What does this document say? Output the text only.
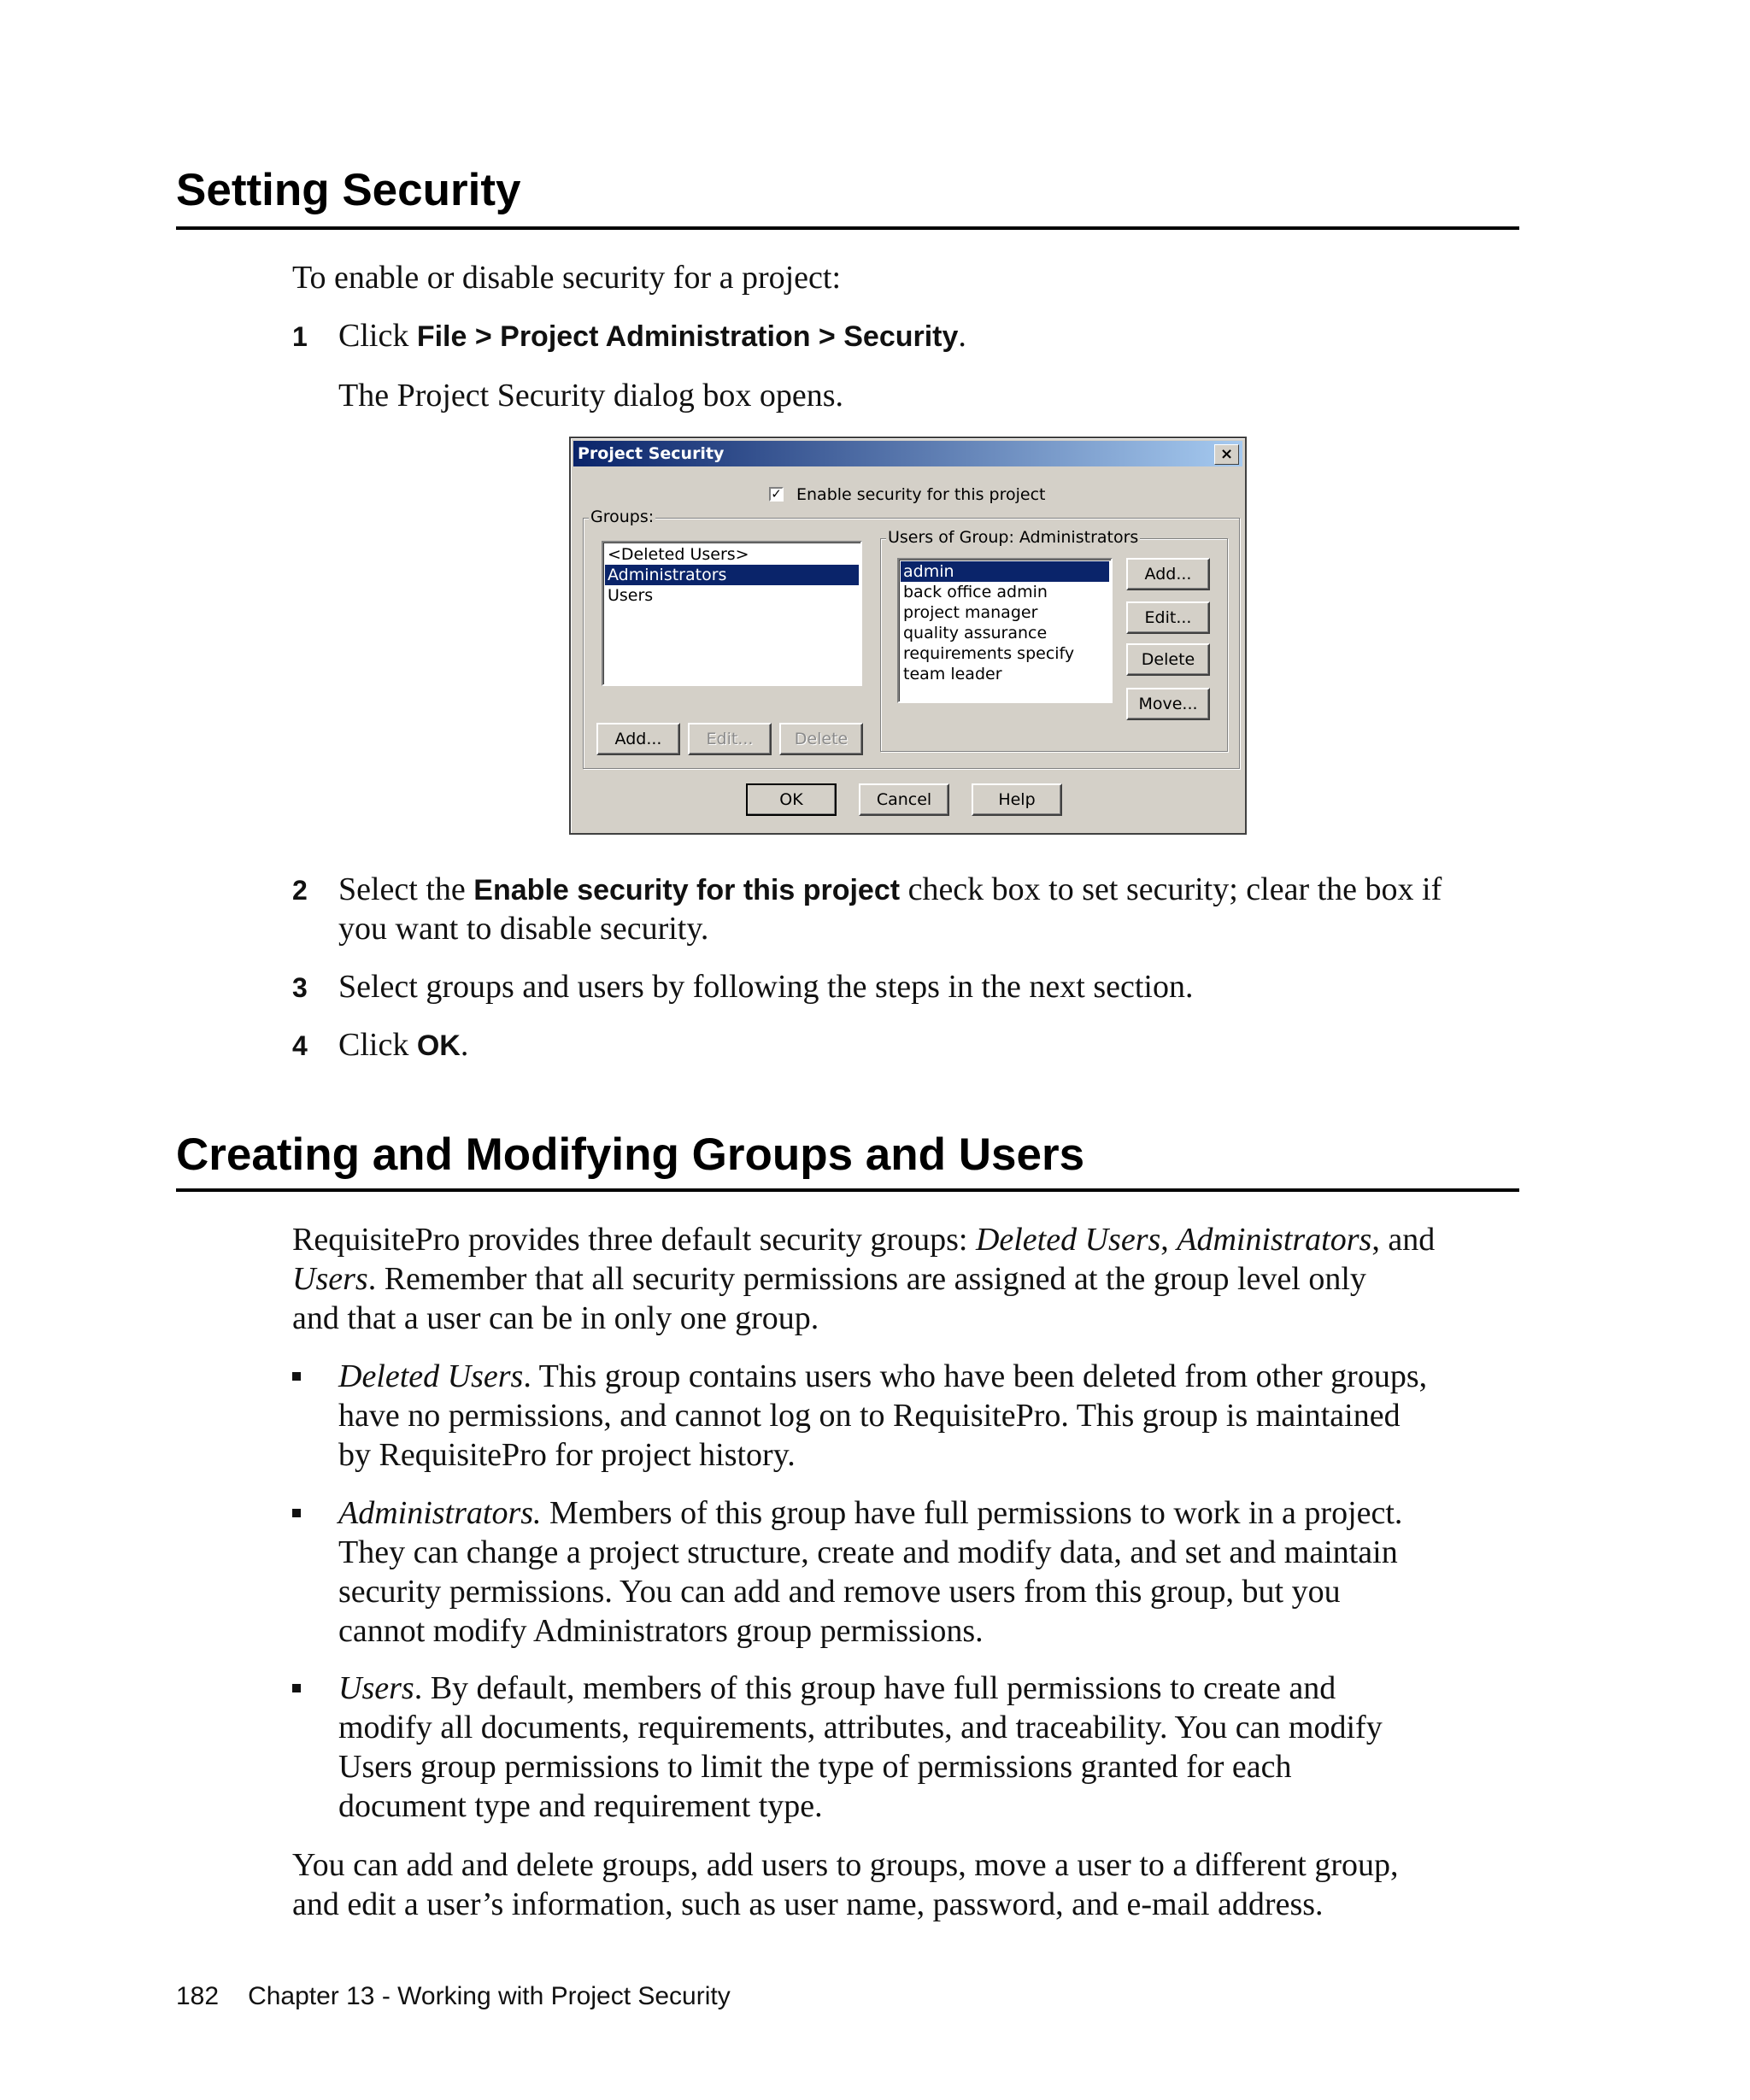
Setting Security
To enable or disable security for a project:
1 Click File > Project Administration > Security.
The Project Security dialog box opens.
Project Security	×
✓ Enable security for this project
Groups:
<Deleted Users>
Administrators
Users
Users of Group: Administrators
admin
back office admin
project manager
quality assurance
requirements specify
team leader
Add...
Edit...
Delete
Move...
Add...	Edit...	Delete
OK	Cancel	Help
2 Select the Enable security for this project check box to set security; clear the box if
you want to disable security.
3 Select groups and users by following the steps in the next section.
4 Click OK.
Creating and Modifying Groups and Users
RequisitePro provides three default security groups: Deleted Users, Administrators, and
Users. Remember that all security permissions are assigned at the group level only
and that a user can be in only one group.
Deleted Users. This group contains users who have been deleted from other groups,
have no permissions, and cannot log on to RequisitePro. This group is maintained
by RequisitePro for project history.
Administrators. Members of this group have full permissions to work in a project.
They can change a project structure, create and modify data, and set and maintain
security permissions. You can add and remove users from this group, but you
cannot modify Administrators group permissions.
Users. By default, members of this group have full permissions to create and
modify all documents, requirements, attributes, and traceability. You can modify
Users group permissions to limit the type of permissions granted for each
document type and requirement type.
You can add and delete groups, add users to groups, move a user to a different group,
and edit a user’s information, such as user name, password, and e-mail address.
182 Chapter 13 - Working with Project Security
